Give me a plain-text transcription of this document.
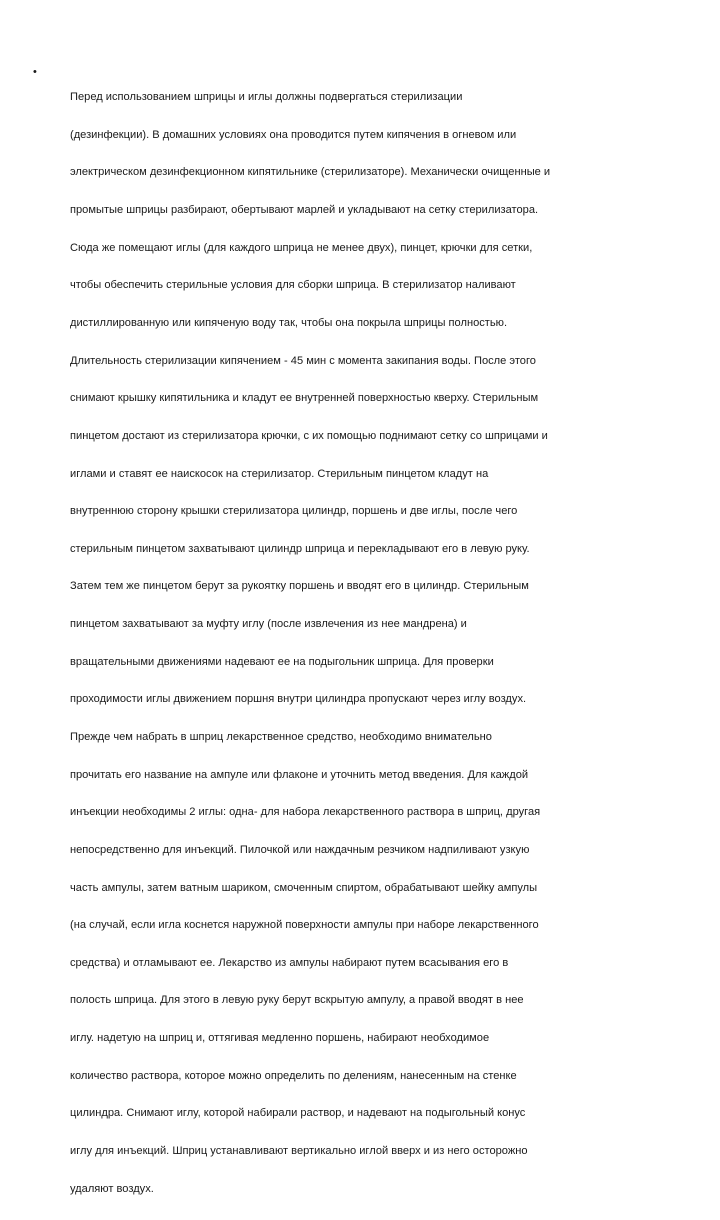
•

Перед использованием шприцы и иглы должны подвергаться стерилизации

(дезинфекции). В домашних условиях она проводится путем кипячения в огневом или

электрическом дезинфекционном кипятильнике (стерилизаторе). Механически очищенные и

промытые шприцы разбирают, обертывают марлей и укладывают на сетку стерилизатора.

Сюда же помещают иглы (для каждого шприца не менее двух), пинцет, крючки для сетки,

чтобы обеспечить стерильные условия для сборки шприца. В стерилизатор наливают

дистиллированную или кипяченую воду так, чтобы она покрыла шприцы полностью.

Длительность стерилизации кипячением - 45 мин с момента закипания воды. После этого

снимают крышку кипятильника и кладут ее внутренней поверхностью кверху. Стерильным

пинцетом достают из стерилизатора крючки, с их помощью поднимают сетку со шприцами и

иглами и ставят ее наискосок на стерилизатор. Стерильным пинцетом кладут на

внутреннюю сторону крышки стерилизатора цилиндр, поршень и две иглы, после чего

стерильным пинцетом захватывают цилиндр шприца и перекладывают его в левую руку.

Затем тем же пинцетом берут за рукоятку поршень и вводят его в цилиндр. Стерильным

пинцетом захватывают за муфту иглу (после извлечения из нее мандрена) и

вращательными движениями надевают ее на подыгольник шприца. Для проверки

проходимости иглы движением поршня внутри цилиндра пропускают через иглу воздух.

Прежде чем набрать в шприц лекарственное средство, необходимо внимательно

прочитать его название на ампуле или флаконе и уточнить метод введения. Для каждой

инъекции необходимы 2 иглы: одна- для набора лекарственного раствора в шприц, другая

непосредственно для инъекций. Пилочкой или наждачным резчиком надпиливают узкую

часть ампулы, затем ватным шариком, смоченным спиртом, обрабатывают шейку ампулы

(на случай, если игла коснется наружной поверхности ампулы при наборе лекарственного

средства) и отламывают ее. Лекарство из ампулы набирают путем всасывания его в

полость шприца. Для этого в левую руку берут вскрытую ампулу, а правой вводят в нее

иглу. надетую на шприц и, оттягивая медленно поршень, набирают необходимое

количество раствора, которое можно определить по делениям, нанесенным на стенке

цилиндра. Снимают иглу, которой набирали раствор, и надевают на подыгольный конус

иглу для инъекций. Шприц устанавливают вертикально иглой вверх и из него осторожно

удаляют воздух.
